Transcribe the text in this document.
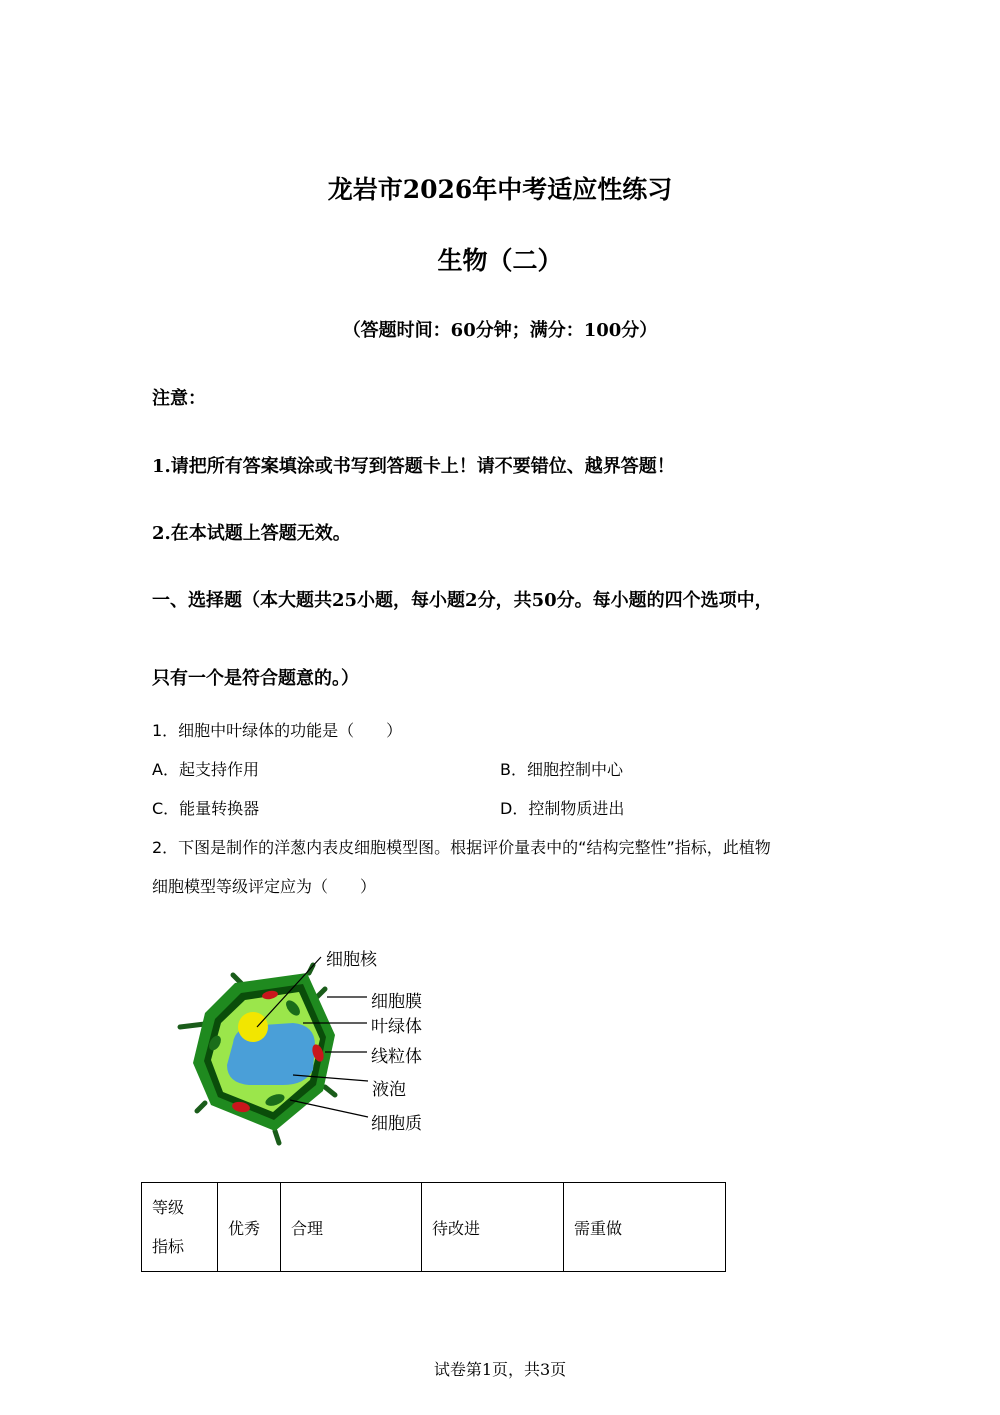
龙岩市2026年中考适应性练习
生物（二）
（答题时间：60分钟；满分：100分）
注意：
1.请把所有答案填涂或书写到答题卡上！请不要错位、越界答题！
2.在本试题上答题无效。
一、选择题（本大题共25小题，每小题2分，共50分。每小题的四个选项中，
只有一个是符合题意的。）
1．细胞中叶绿体的功能是（　　）
A．起支持作用	B．细胞控制中心
C．能量转换器	D．控制物质进出
2．下图是制作的洋葱内表皮细胞模型图。根据评价量表中的“结构完整性”指标，此植物
细胞模型等级评定应为（　　）
细胞核
细胞膜
叶绿体
线粒体
液泡
细胞质
等级
指标
	优秀	合理	待改进	需重做
试卷第1页，共3页
